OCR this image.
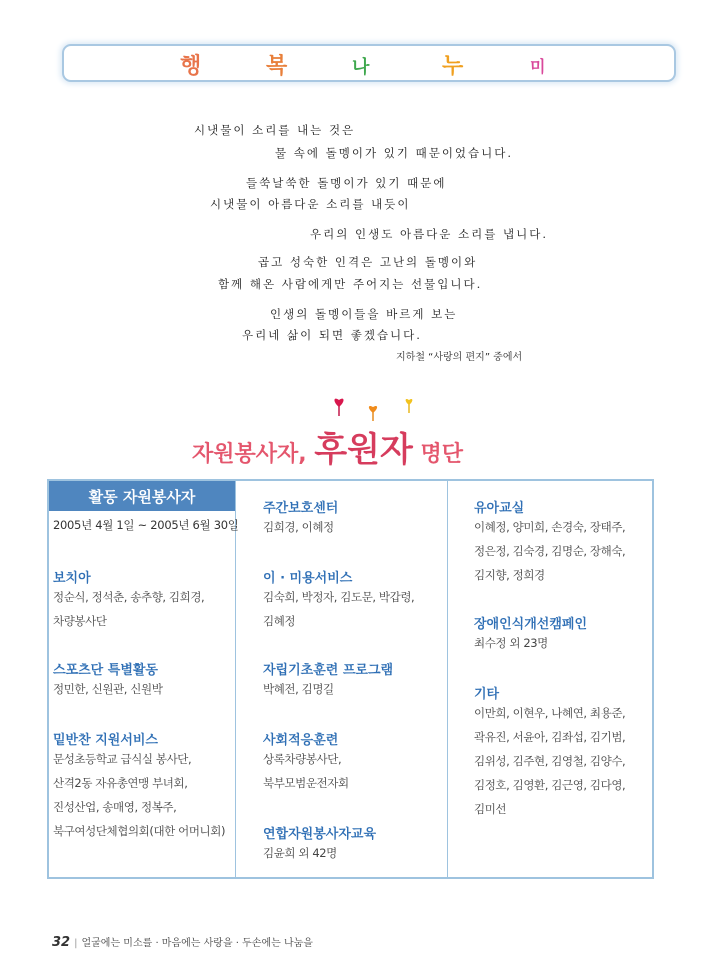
행	복	나	누	미
시냇물이 소리를 내는 것은
물 속에 돌멩이가 있기 때문이었습니다.
들쑥날쑥한 돌멩이가 있기 때문에
시냇물이 아름다운 소리를 내듯이
우리의 인생도 아름다운 소리를 냅니다.
곱고 성숙한 인격은 고난의 돌멩이와
함께 해온 사람에게만 주어지는 선물입니다.
인생의 돌멩이들을 바르게 보는
우리네 삶이 되면 좋겠습니다.
지하철 “사랑의 편지” 중에서
자원봉사자, 후원자 명단
활동 자원봉사자
2005년 4월 1일 ~ 2005년 6월 30일
보치아
정순식, 정석춘, 송추향, 김희경,
차량봉사단
스포츠단 특별활동
정민한, 신원관, 신원박
밑반찬 지원서비스
문성초등학교 급식실 봉사단,
산격2동 자유총연맹 부녀회,
진성산업, 송매영, 정복주,
북구여성단체협의회(대한 어머니회)
주간보호센터
김희경, 이혜정
이 · 미용서비스
김숙희, 박정자, 김도문, 박갑령,
김혜정
자립기초훈련 프로그램
박혜전, 김명길
사회적응훈련
상록차량봉사단,
북부모범운전자회
연합자원봉사자교육
김윤희 외 42명
유아교실
이혜정, 양미희, 손경숙, 장태주,
정은정, 김숙경, 김명순, 장해숙,
김지향, 정희경
장애인식개선캠페인
최수정 외 23명
기타
이만희, 이현우, 나혜연, 최용준,
곽유진, 서윤아, 김좌섭, 김기범,
김위성, 김주현, 김영철, 김양수,
김정호, 김영환, 김근영, 김다영,
김미선
32 | 얼굴에는 미소를 · 마음에는 사랑을 · 두손에는 나눔을
